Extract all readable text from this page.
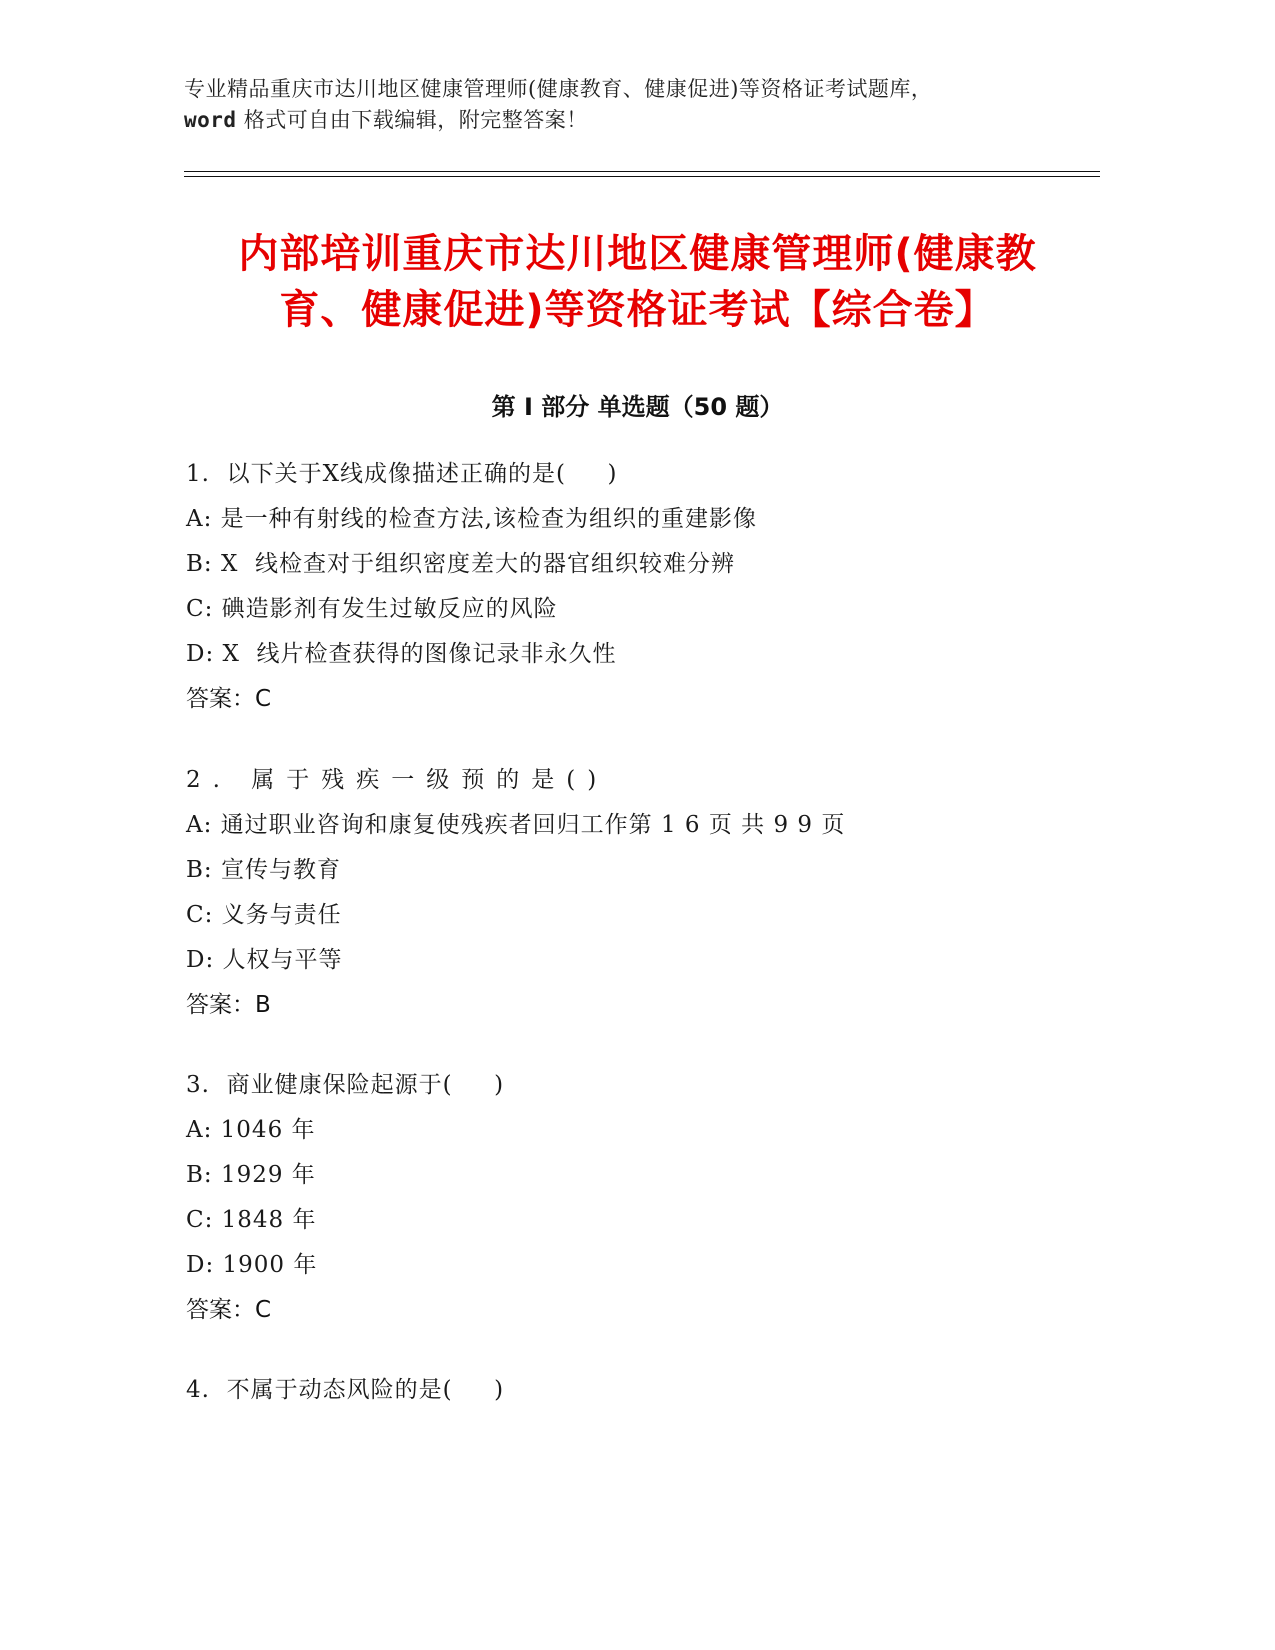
专业精品重庆市达川地区健康管理师(健康教育、健康促进)等资格证考试题库，
word 格式可自由下载编辑，附完整答案！
内部培训重庆市达川地区健康管理师(健康教
育、健康促进)等资格证考试【综合卷】
第 I 部分 单选题（50 题）
1.  以下关于X线成像描述正确的是(     )
A: 是一种有射线的检查方法,该检查为组织的重建影像
B: X  线检查对于组织密度差大的器官组织较难分辨
C: 碘造影剂有发生过敏反应的风险
D: X  线片检查获得的图像记录非永久性
答案：C
2. 属于残疾一级预的是()
A: 通过职业咨询和康复使残疾者回归工作第 1 6 页 共 9 9 页
B: 宣传与教育
C: 义务与责任
D: 人权与平等
答案：B
3.  商业健康保险起源于(     )
A: 1046 年
B: 1929 年
C: 1848 年
D: 1900 年
答案：C
4.  不属于动态风险的是(     )
